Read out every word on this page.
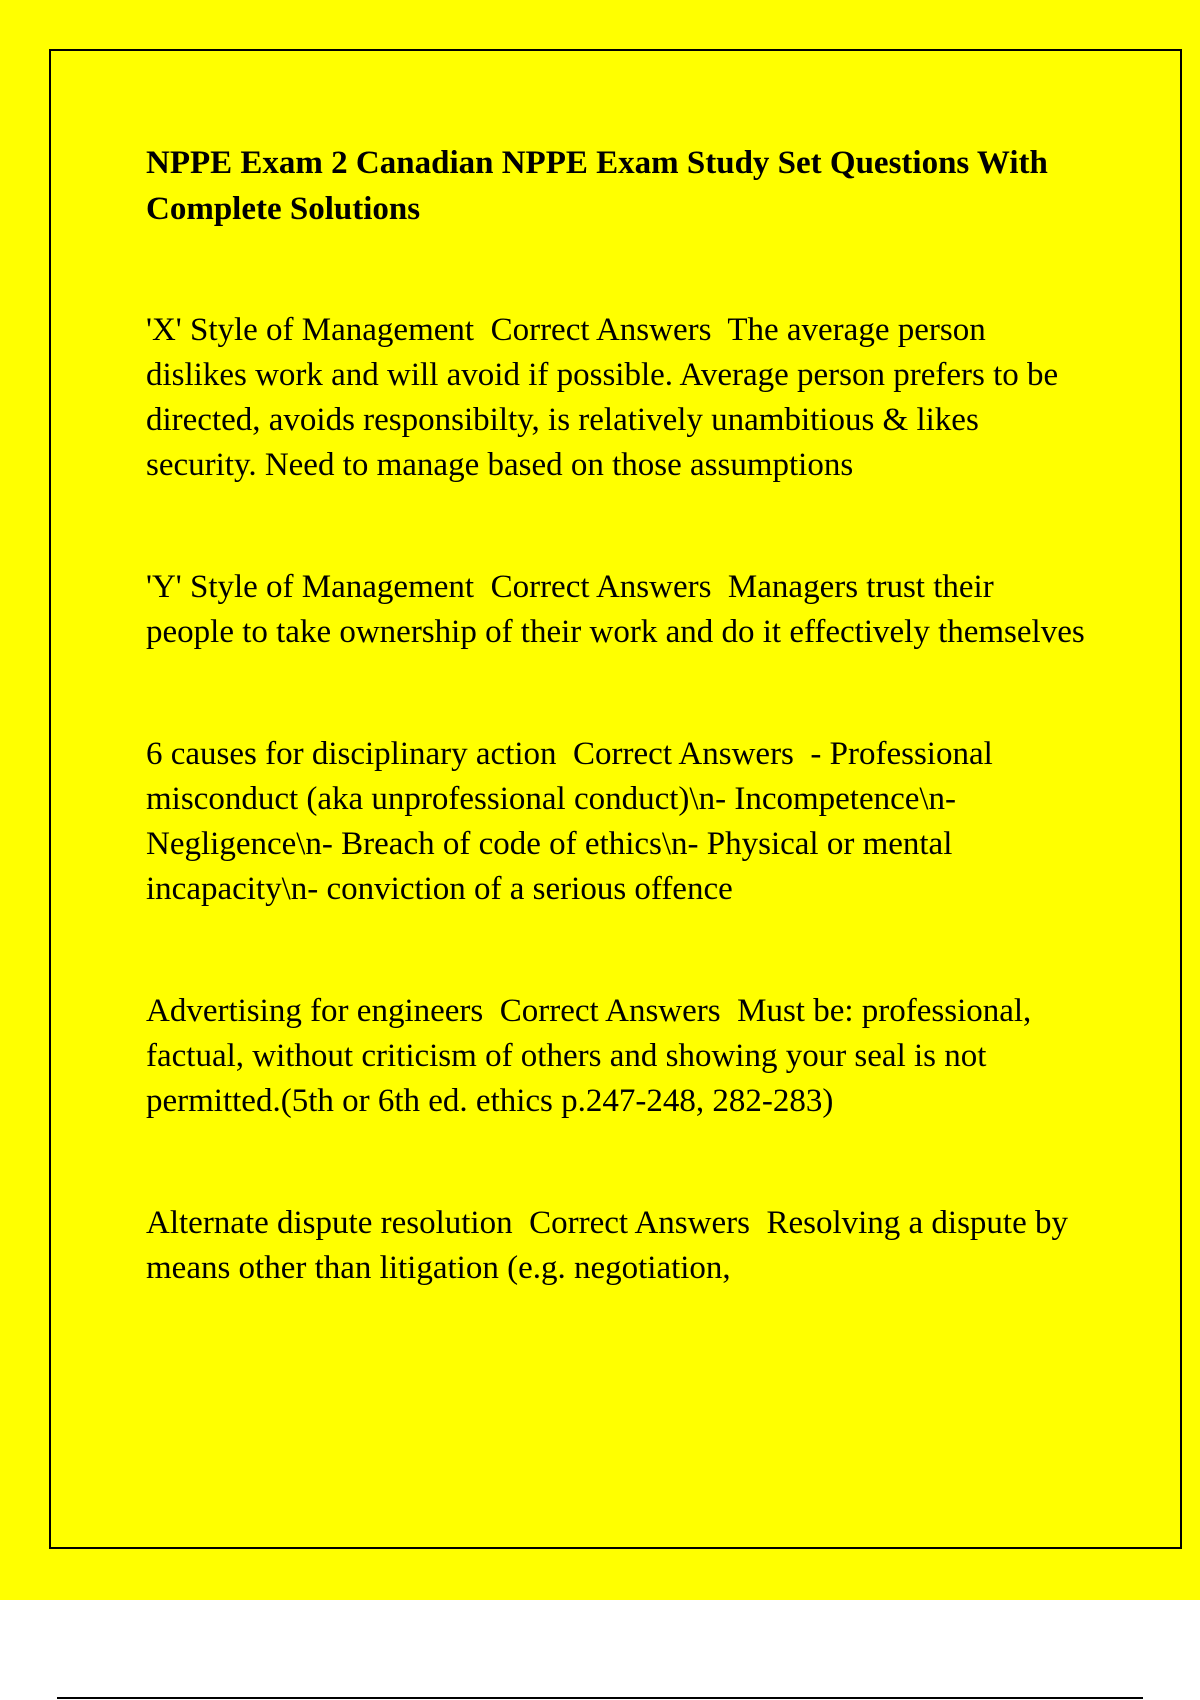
NPPE Exam 2 Canadian NPPE Exam Study Set Questions With Complete Solutions
'X' Style of Management  Correct Answers  The average person dislikes work and will avoid if possible. Average person prefers to be directed, avoids responsibilty, is relatively unambitious & likes security. Need to manage based on those assumptions
'Y' Style of Management  Correct Answers  Managers trust their people to take ownership of their work and do it effectively themselves
6 causes for disciplinary action  Correct Answers  - Professional misconduct (aka unprofessional conduct)\n- Incompetence\n- Negligence\n- Breach of code of ethics\n- Physical or mental incapacity\n- conviction of a serious offence
Advertising for engineers  Correct Answers  Must be: professional, factual, without criticism of others and showing your seal is not permitted.(5th or 6th ed. ethics p.247-248, 282-283)
Alternate dispute resolution  Correct Answers  Resolving a dispute by means other than litigation (e.g. negotiation,
